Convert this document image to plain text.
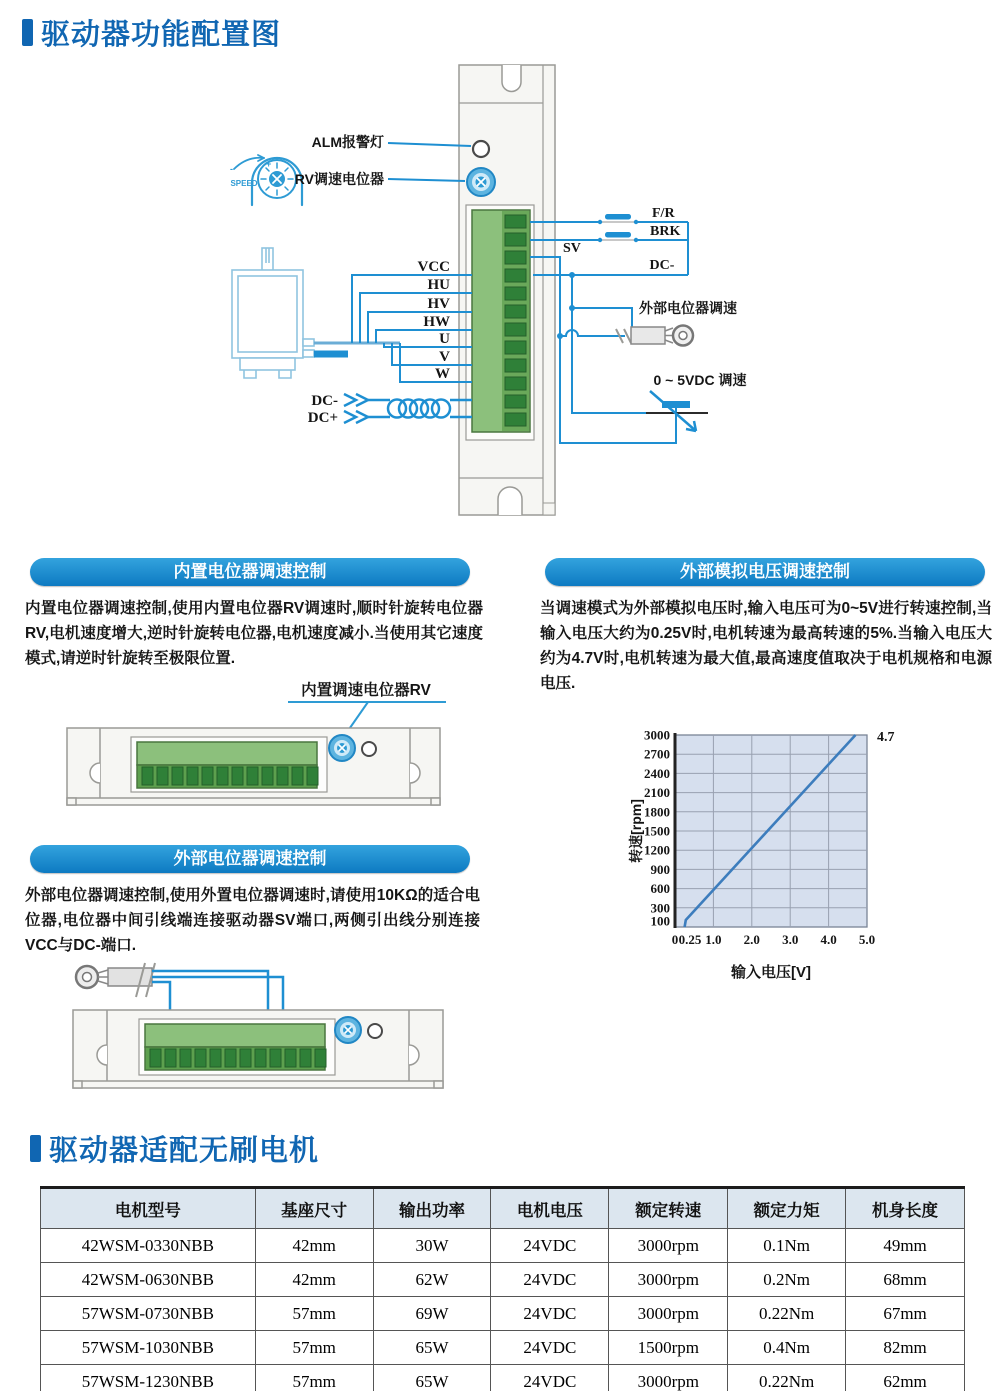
驱动器功能配置图
-	+
SPEED
ALM报警灯
RV调速电位器
VCC
HU
HV
HW
U
V
W
DC-
DC+
F/R
BRK
SV
DC-
外部电位器调速
0 ~ 5VDC 调速
内置电位器调速控制
内置电位器调速控制,使用内置电位器RV调速时,顺时针旋转电位器RV,电机速度增大,逆时针旋转电位器,电机速度减小.当使用其它速度模式,请逆时针旋转至极限位置.
内置调速电位器RV
外部模拟电压调速控制
当调速模式为外部模拟电压时,输入电压可为0~5V进行转速控制,当输入电压大约为0.25V时,电机转速为最高转速的5%.当输入电压大约为4.7V时,电机转速为最大值,最高速度值取决于电机规格和电源电压.
4.7
3000
2700
2400
2100
1800
1500
1200
900
600
300
100
0 0.25 1.0 2.0 3.0 4.0 5.0
输入电压[V]
转速[rpm]
外部电位器调速控制
外部电位器调速控制,使用外置电位器调速时,请使用10KΩ的适合电位器,电位器中间引线端连接驱动器SV端口,两侧引出线分别连接VCC与DC-端口.
驱动器适配无刷电机
电机型号	基座尺寸	输出功率	电机电压	额定转速	额定力矩	机身长度
42WSM-0330NBB	42mm	30W	24VDC	3000rpm	0.1Nm	49mm
42WSM-0630NBB	42mm	62W	24VDC	3000rpm	0.2Nm	68mm
57WSM-0730NBB	57mm	69W	24VDC	3000rpm	0.22Nm	67mm
57WSM-1030NBB	57mm	65W	24VDC	1500rpm	0.4Nm	82mm
57WSM-1230NBB	57mm	65W	24VDC	3000rpm	0.22Nm	62mm
